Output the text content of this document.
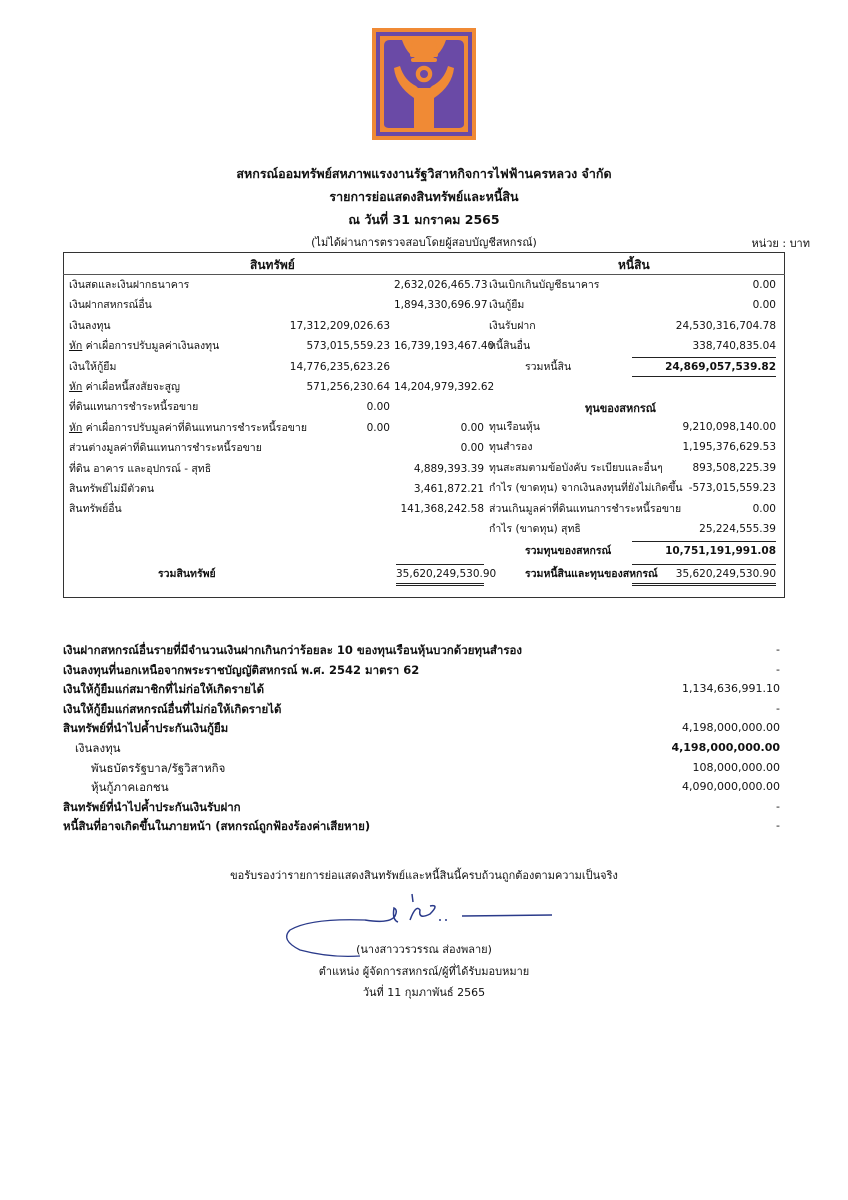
สหกรณ์ออมทรัพย์สหภาพแรงงานรัฐวิสาหกิจการไฟฟ้านครหลวง จำกัด
รายการย่อแสดงสินทรัพย์และหนี้สิน
ณ วันที่ 31 มกราคม 2565
(ไม่ได้ผ่านการตรวจสอบโดยผู้สอบบัญชีสหกรณ์)	หน่วย : บาท
สินทรัพย์	หนี้สิน
เงินสดและเงินฝากธนาคาร	2,632,026,465.73
เงินฝากสหกรณ์อื่น	1,894,330,696.97
เงินลงทุน	17,312,209,026.63
หัก ค่าเผื่อการปรับมูลค่าเงินลงทุน	573,015,559.23 16,739,193,467.40
เงินให้กู้ยืม	14,776,235,623.26
หัก ค่าเผื่อหนี้สงสัยจะสูญ	571,256,230.64 14,204,979,392.62
ที่ดินแทนการชำระหนี้รอขาย	0.00
หัก ค่าเผื่อการปรับมูลค่าที่ดินแทนการชำระหนี้รอขาย	0.00	0.00
ส่วนต่างมูลค่าที่ดินแทนการชำระหนี้รอขาย	0.00
ที่ดิน อาคาร และอุปกรณ์ - สุทธิ	4,889,393.39
สินทรัพย์ไม่มีตัวตน	3,461,872.21
สินทรัพย์อื่น	141,368,242.58
เงินเบิกเกินบัญชีธนาคาร	0.00
เงินกู้ยืม	0.00
เงินรับฝาก	24,530,316,704.78
หนี้สินอื่น	338,740,835.04
รวมหนี้สิน	24,869,057,539.82
ทุนของสหกรณ์
ทุนเรือนหุ้น	9,210,098,140.00
ทุนสำรอง	1,195,376,629.53
ทุนสะสมตามข้อบังคับ ระเบียบและอื่นๆ	893,508,225.39
กำไร (ขาดทุน) จากเงินลงทุนที่ยังไม่เกิดขึ้น -573,015,559.23
ส่วนเกินมูลค่าที่ดินแทนการชำระหนี้รอขาย	0.00
กำไร (ขาดทุน) สุทธิ	25,224,555.39
รวมทุนของสหกรณ์	10,751,191,991.08
รวมสินทรัพย์	35,620,249,530.90	รวมหนี้สินและทุนของสหกรณ์	35,620,249,530.90
เงินฝากสหกรณ์อื่นรายที่มีจำนวนเงินฝากเกินกว่าร้อยละ 10 ของทุนเรือนหุ้นบวกด้วยทุนสำรอง	-
เงินลงทุนที่นอกเหนือจากพระราชบัญญัติสหกรณ์ พ.ศ. 2542 มาตรา 62	-
เงินให้กู้ยืมแก่สมาชิกที่ไม่ก่อให้เกิดรายได้	1,134,636,991.10
เงินให้กู้ยืมแก่สหกรณ์อื่นที่ไม่ก่อให้เกิดรายได้	-
สินทรัพย์ที่นำไปค้ำประกันเงินกู้ยืม	4,198,000,000.00
เงินลงทุน	4,198,000,000.00
พันธบัตรรัฐบาล/รัฐวิสาหกิจ	108,000,000.00
หุ้นกู้ภาคเอกชน	4,090,000,000.00
สินทรัพย์ที่นำไปค้ำประกันเงินรับฝาก	-
หนี้สินที่อาจเกิดขึ้นในภายหน้า (สหกรณ์ถูกฟ้องร้องค่าเสียหาย)	-
ขอรับรองว่ารายการย่อแสดงสินทรัพย์และหนี้สินนี้ครบถ้วนถูกต้องตามความเป็นจริง
(นางสาววรวรรณ ส่องพลาย)
ตำแหน่ง ผู้จัดการสหกรณ์/ผู้ที่ได้รับมอบหมาย
วันที่ 11 กุมภาพันธ์ 2565
